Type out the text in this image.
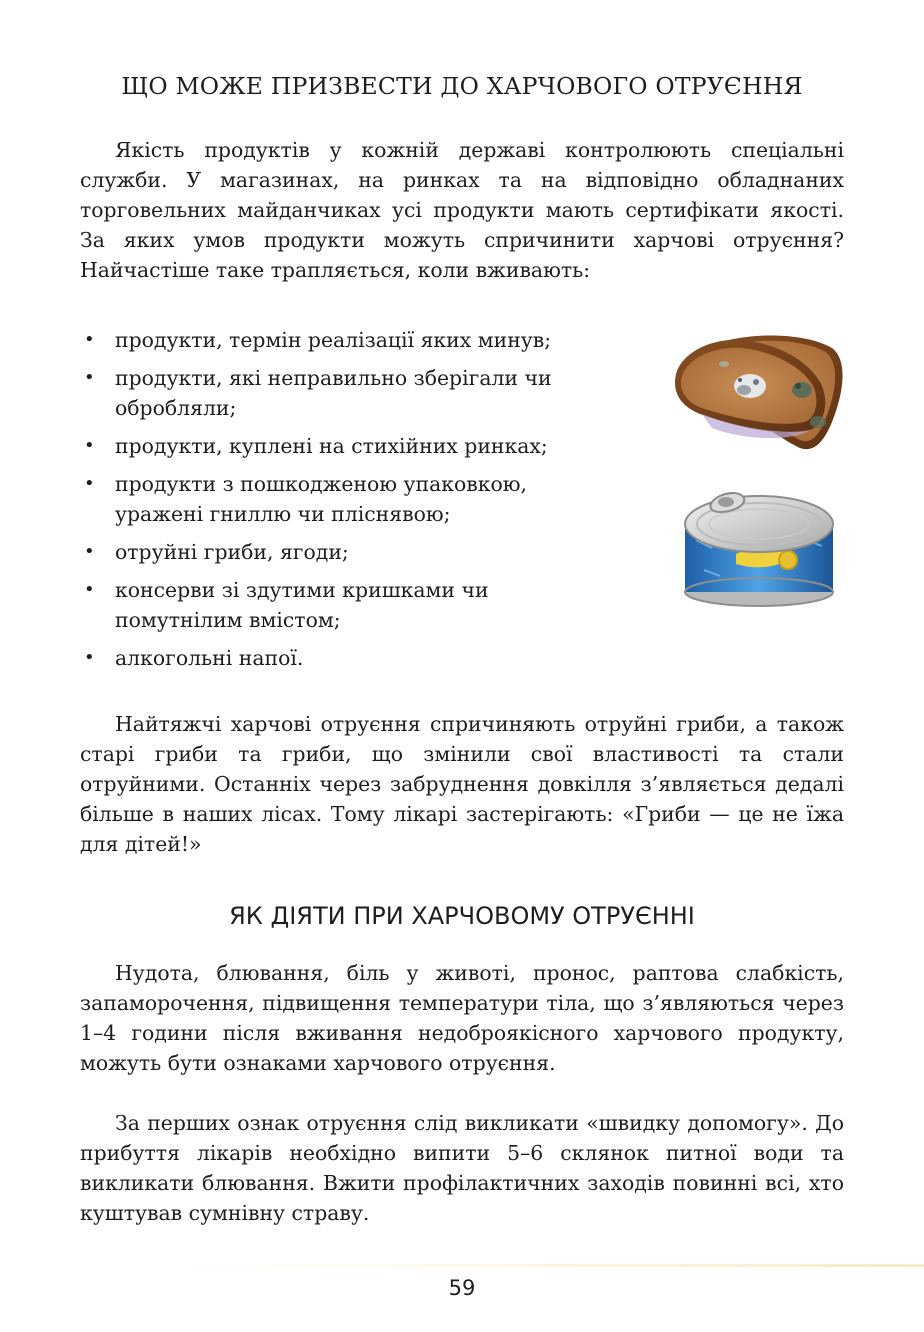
ЩО МОЖЕ ПРИЗВЕСТИ ДО ХАРЧОВОГО ОТРУЄННЯ

Якість продуктів у кожній державі контролюють спеціальні служби. У магазинах, на ринках та на відповідно обладнаних торговельних майданчиках усі продукти мають сертифікати якості. За яких умов продукти можуть спричинити харчові отруєння? Найчастіше таке трапляється, коли вживають:

• продукти, термін реалізації яких минув;
• продукти, які неправильно зберігали чи обробляли;
• продукти, куплені на стихійних ринках;
• продукти з пошкодженою упаковкою, уражені гниллю чи пліснявою;
• отруйні гриби, ягоди;
• консерви зі здутими кришками чи помутнілим вмістом;
• алкогольні напої.

Найтяжчі харчові отруєння спричиняють отруйні гриби, а також старі гриби та гриби, що змінили свої властивості та стали отруйними. Останніх через забруднення довкілля з’являється дедалі більше в наших лісах. Тому лікарі застерігають: «Гриби — це не їжа для дітей!»

ЯК ДІЯТИ ПРИ ХАРЧОВОМУ ОТРУЄННІ

Нудота, блювання, біль у животі, пронос, раптова слабкість, запаморочення, підвищення температури тіла, що з’являються через 1–4 години після вживання недоброякісного харчового продукту, можуть бути ознаками харчового отруєння.

За перших ознак отруєння слід викликати «швидку допомогу». До прибуття лікарів необхідно випити 5–6 склянок питної води та викликати блювання. Вжити профілактичних заходів повинні всі, хто куштував сумнівну страву.

59
